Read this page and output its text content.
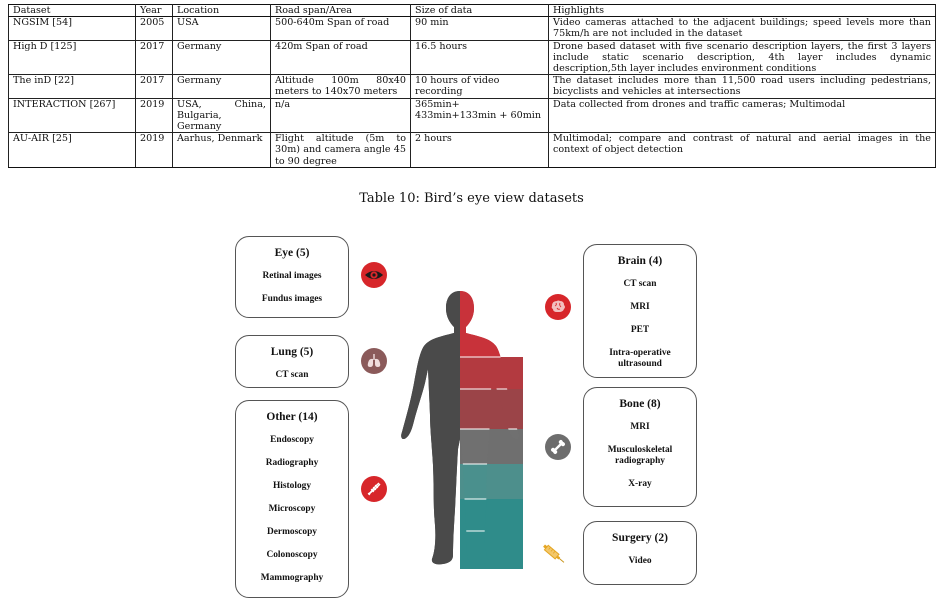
Dataset	Year	Location	Road span/Area	Size of data	Highlights
NGSIM [54]	2005	USA	500-640m Span of road	90 min	Video cameras attached to the adjacent buildings; speed levels more than 75km/h are not included in the dataset
High D [125]	2017	Germany	420m Span of road	16.5 hours	Drone based dataset with five scenario description layers, the first 3 layers include static scenario description, 4th layer includes dynamic description,5th layer includes environment conditions
The inD [22]	2017	Germany	Altitude 100m 80x40 meters to 140x70 meters	10 hours of video recording	The dataset includes more than 11,500 road users including pedestrians, bicyclists and vehicles at intersections
INTERACTION [267]	2019	USA, China, Bulgaria, Germany	n/a	365min+ 433min+133min + 60min	Data collected from drones and traffic cameras; Multimodal
AU-AIR [25]	2019	Aarhus, Denmark	Flight altitude (5m to 30m) and camera angle 45 to 90 degree	2 hours	Multimodal; compare and contrast of natural and aerial images in the context of object detection
Table 10: Bird’s eye view datasets
Eye (5)
Retinal images
Fundus images
Lung (5)
CT scan
Other (14)
Endoscopy
Radiography
Histology
Microscopy
Dermoscopy
Colonoscopy
Mammography
Brain (4)
CT scan
MRI
PET
Intra-operative ultrasound
Bone (8)
MRI
Musculoskeletal radiography
X-ray
Surgery (2)
Video
